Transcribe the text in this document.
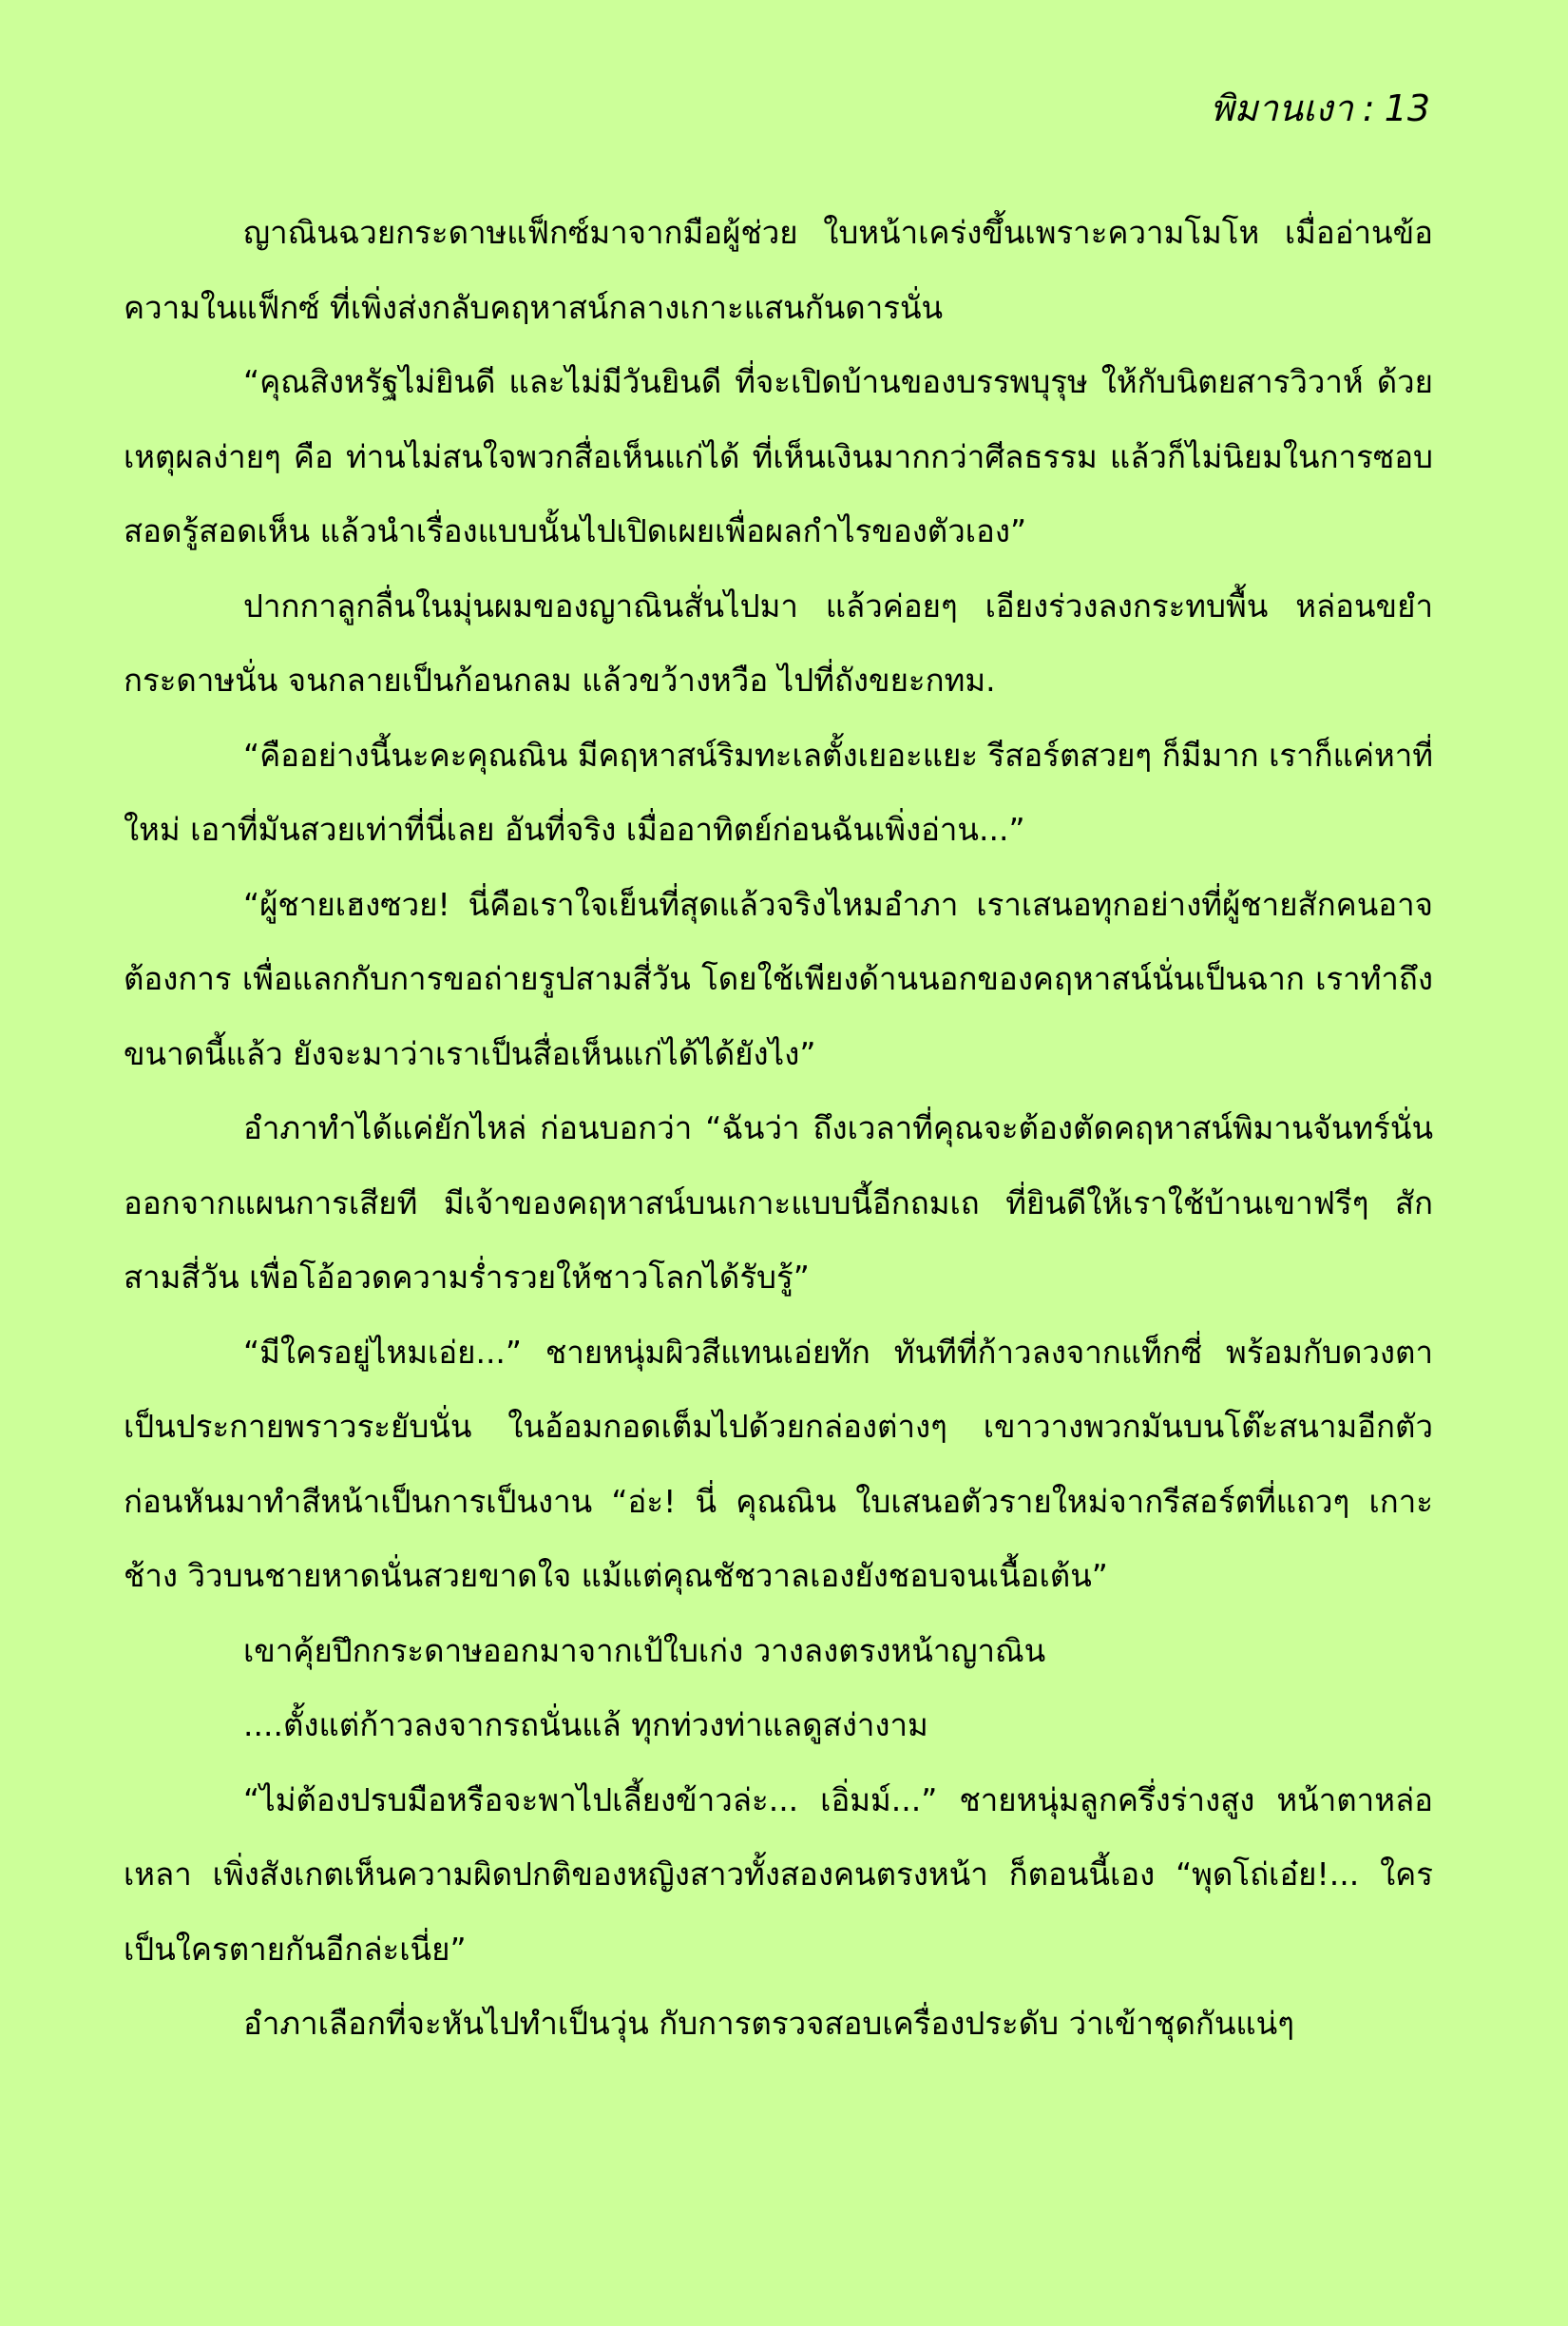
พิมานเงา : 13

ญาณินฉวยกระดาษแฟ็กซ์มาจากมือผู้ช่วย ใบหน้าเคร่งขึ้นเพราะความโมโห เมื่ออ่านข้อความในแฟ็กซ์ ที่เพิ่งส่งกลับคฤหาสน์กลางเกาะแสนกันดารนั่น

“คุณสิงหรัฐไม่ยินดี และไม่มีวันยินดี ที่จะเปิดบ้านของบรรพบุรุษ ให้กับนิตยสารวิวาห์ ด้วยเหตุผลง่ายๆ คือ ท่านไม่สนใจพวกสื่อเห็นแก่ได้ ที่เห็นเงินมากกว่าศีลธรรม แล้วก็ไม่นิยมในการซอบสอดรู้สอดเห็น แล้วนำเรื่องแบบนั้นไปเปิดเผยเพื่อผลกำไรของตัวเอง”

ปากกาลูกลื่นในมุ่นผมของญาณินสั่นไปมา แล้วค่อยๆ เอียงร่วงลงกระทบพื้น หล่อนขยำกระดาษนั่น จนกลายเป็นก้อนกลม แล้วขว้างหวือ ไปที่ถังขยะกทม.

“คืออย่างนี้นะคะคุณณิน มีคฤหาสน์ริมทะเลตั้งเยอะแยะ รีสอร์ตสวยๆ ก็มีมาก เราก็แค่หาที่ใหม่ เอาที่มันสวยเท่าที่นี่เลย อันที่จริง เมื่ออาทิตย์ก่อนฉันเพิ่งอ่าน...”

“ผู้ชายเฮงซวย! นี่คือเราใจเย็นที่สุดแล้วจริงไหมอำภา เราเสนอทุกอย่างที่ผู้ชายสักคนอาจต้องการ เพื่อแลกกับการขอถ่ายรูปสามสี่วัน โดยใช้เพียงด้านนอกของคฤหาสน์นั่นเป็นฉาก เราทำถึงขนาดนี้แล้ว ยังจะมาว่าเราเป็นสื่อเห็นแก่ได้ได้ยังไง”

อำภาทำได้แค่ยักไหล่ ก่อนบอกว่า “ฉันว่า ถึงเวลาที่คุณจะต้องตัดคฤหาสน์พิมานจันทร์นั่น ออกจากแผนการเสียที มีเจ้าของคฤหาสน์บนเกาะแบบนี้อีกถมเถ ที่ยินดีให้เราใช้บ้านเขาฟรีๆ สักสามสี่วัน เพื่อโอ้อวดความร่ำรวยให้ชาวโลกได้รับรู้”

“มีใครอยู่ไหมเอ่ย...” ชายหนุ่มผิวสีแทนเอ่ยทัก ทันทีที่ก้าวลงจากแท็กซี่ พร้อมกับดวงตาเป็นประกายพราวระยับนั่น ในอ้อมกอดเต็มไปด้วยกล่องต่างๆ เขาวางพวกมันบนโต๊ะสนามอีกตัว ก่อนหันมาทำสีหน้าเป็นการเป็นงาน “อ่ะ! นี่ คุณณิน ใบเสนอตัวรายใหม่จากรีสอร์ตที่แถวๆ เกาะช้าง วิวบนชายหาดนั่นสวยขาดใจ แม้แต่คุณชัชวาลเองยังชอบจนเนื้อเต้น”

เขาคุ้ยปึกกระดาษออกมาจากเป้ใบเก่ง วางลงตรงหน้าญาณิน

....ตั้งแต่ก้าวลงจากรถนั่นแล้ ทุกท่วงท่าแลดูสง่างาม

“ไม่ต้องปรบมือหรือจะพาไปเลี้ยงข้าวล่ะ... เอิ่มม์...” ชายหนุ่มลูกครึ่งร่างสูง หน้าตาหล่อเหลา เพิ่งสังเกตเห็นความผิดปกติของหญิงสาวทั้งสองคนตรงหน้า ก็ตอนนี้เอง “พุดโถ่เอ๋ย!... ใครเป็นใครตายกันอีกล่ะเนี่ย”

อำภาเลือกที่จะหันไปทำเป็นวุ่น กับการตรวจสอบเครื่องประดับ ว่าเข้าชุดกันแน่ๆ
